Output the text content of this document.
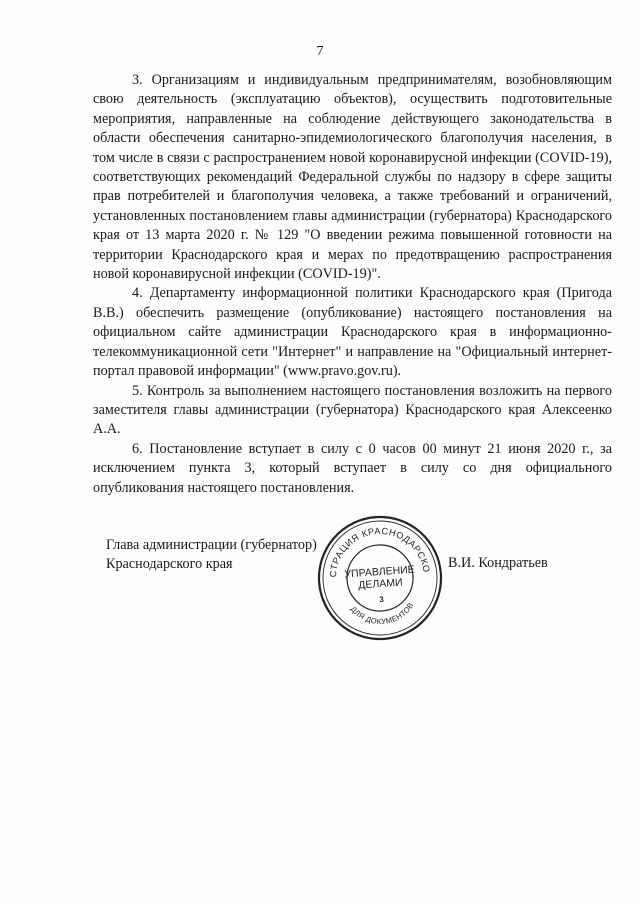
7

3. Организациям и индивидуальным предпринимателям, возобновляющим свою деятельность (эксплуатацию объектов), осуществить подготовительные мероприятия, направленные на соблюдение действующего законодательства в области обеспечения санитарно-эпидемиологического благополучия населения, в том числе в связи с распространением новой коронавирусной инфекции (COVID-19), соответствующих рекомендаций Федеральной службы по надзору в сфере защиты прав потребителей и благополучия человека, а также требований и ограничений, установленных постановлением главы администрации (губернатора) Краснодарского края от 13 марта 2020 г. № 129 "О введении режима повышенной готовности на территории Краснодарского края и мерах по предотвращению распространения новой коронавирусной инфекции (COVID-19)".

4. Департаменту информационной политики Краснодарского края (Пригода В.В.) обеспечить размещение (опубликование) настоящего постановления на официальном сайте администрации Краснодарского края в информационно-телекоммуникационной сети "Интернет" и направление на "Официальный интернет-портал правовой информации" (www.pravo.gov.ru).

5. Контроль за выполнением настоящего постановления возложить на первого заместителя главы администрации (губернатора) Краснодарского края Алексеенко А.А.

6. Постановление вступает в силу с 0 часов 00 минут 21 июня 2020 г., за исключением пункта 3, который вступает в силу со дня официального опубликования настоящего постановления.

Глава администрации (губернатор)
Краснодарского края	В.И. Кондратьев
АДМИНИСТРАЦИЯ КРАСНОДАРСКОГО КРАЯ
ДЛЯ ДОКУМЕНТОВ
УПРАВЛЕНИЕ
ДЕЛАМИ
3
